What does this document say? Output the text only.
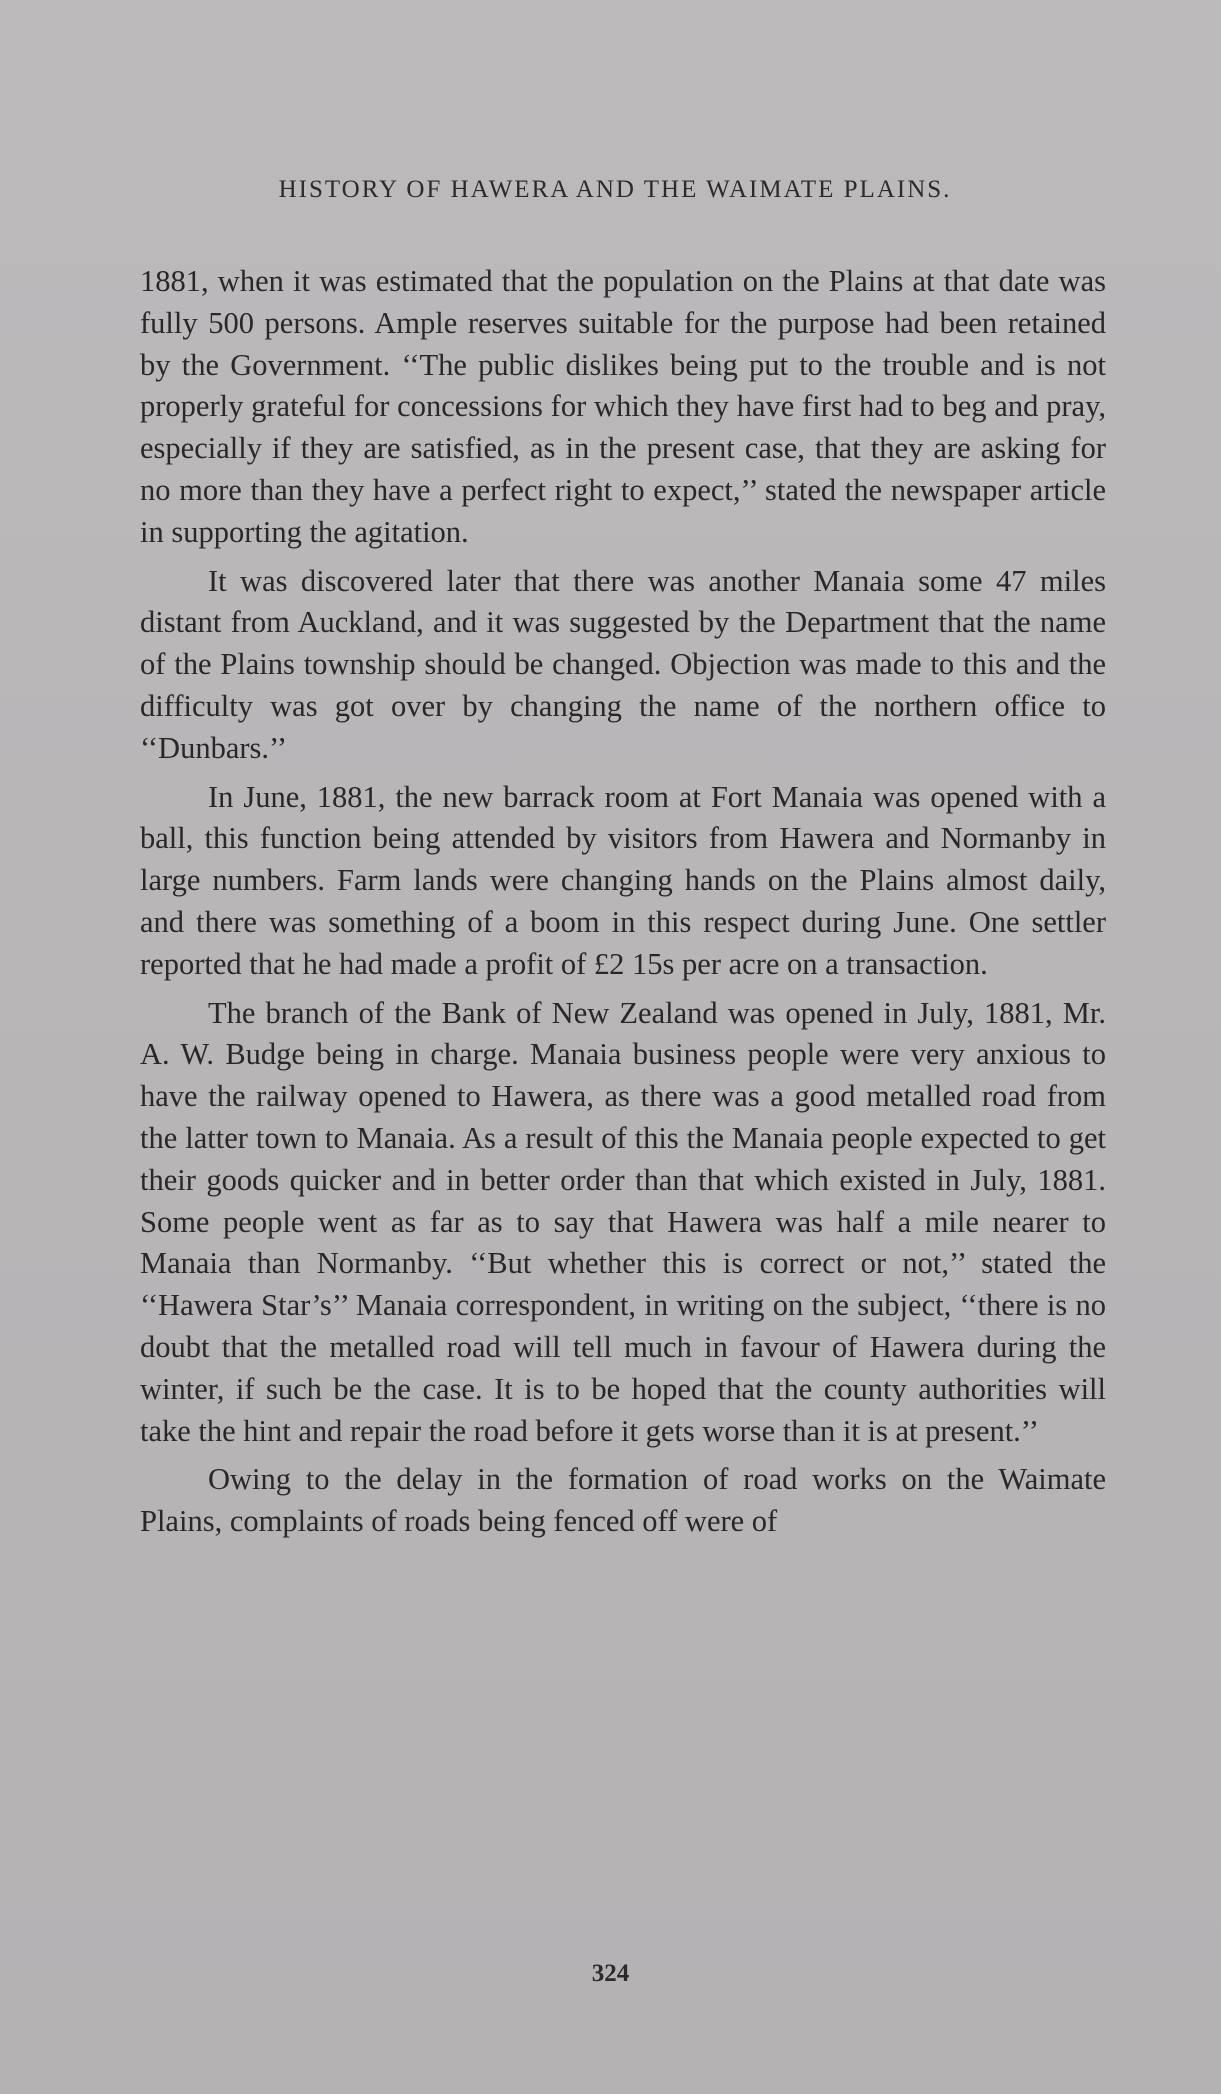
HISTORY OF HAWERA AND THE WAIMATE PLAINS.

1881, when it was estimated that the population on the Plains at that date was fully 500 persons. Ample reserves suitable for the purpose had been retained by the Government. ‘‘The public dislikes being put to the trouble and is not properly grateful for concessions for which they have first had to beg and pray, especially if they are satisfied, as in the present case, that they are asking for no more than they have a perfect right to expect,’’ stated the newspaper article in supporting the agitation.

It was discovered later that there was another Manaia some 47 miles distant from Auckland, and it was suggested by the Department that the name of the Plains township should be changed. Objection was made to this and the difficulty was got over by changing the name of the northern office to ‘‘Dunbars.’’

In June, 1881, the new barrack room at Fort Manaia was opened with a ball, this function being attended by visitors from Hawera and Normanby in large numbers. Farm lands were changing hands on the Plains almost daily, and there was something of a boom in this respect during June. One settler reported that he had made a profit of £2 15s per acre on a transaction.

The branch of the Bank of New Zealand was opened in July, 1881, Mr. A. W. Budge being in charge. Manaia business people were very anxious to have the railway opened to Hawera, as there was a good metalled road from the latter town to Manaia. As a result of this the Manaia people expected to get their goods quicker and in better order than that which existed in July, 1881. Some people went as far as to say that Hawera was half a mile nearer to Manaia than Normanby. ‘‘But whether this is correct or not,’’ stated the ‘‘Hawera Star’s’’ Manaia correspondent, in writing on the subject, ‘‘there is no doubt that the metalled road will tell much in favour of Hawera during the winter, if such be the case. It is to be hoped that the county authorities will take the hint and repair the road before it gets worse than it is at present.’’

Owing to the delay in the formation of road works on the Waimate Plains, complaints of roads being fenced off were of

324
